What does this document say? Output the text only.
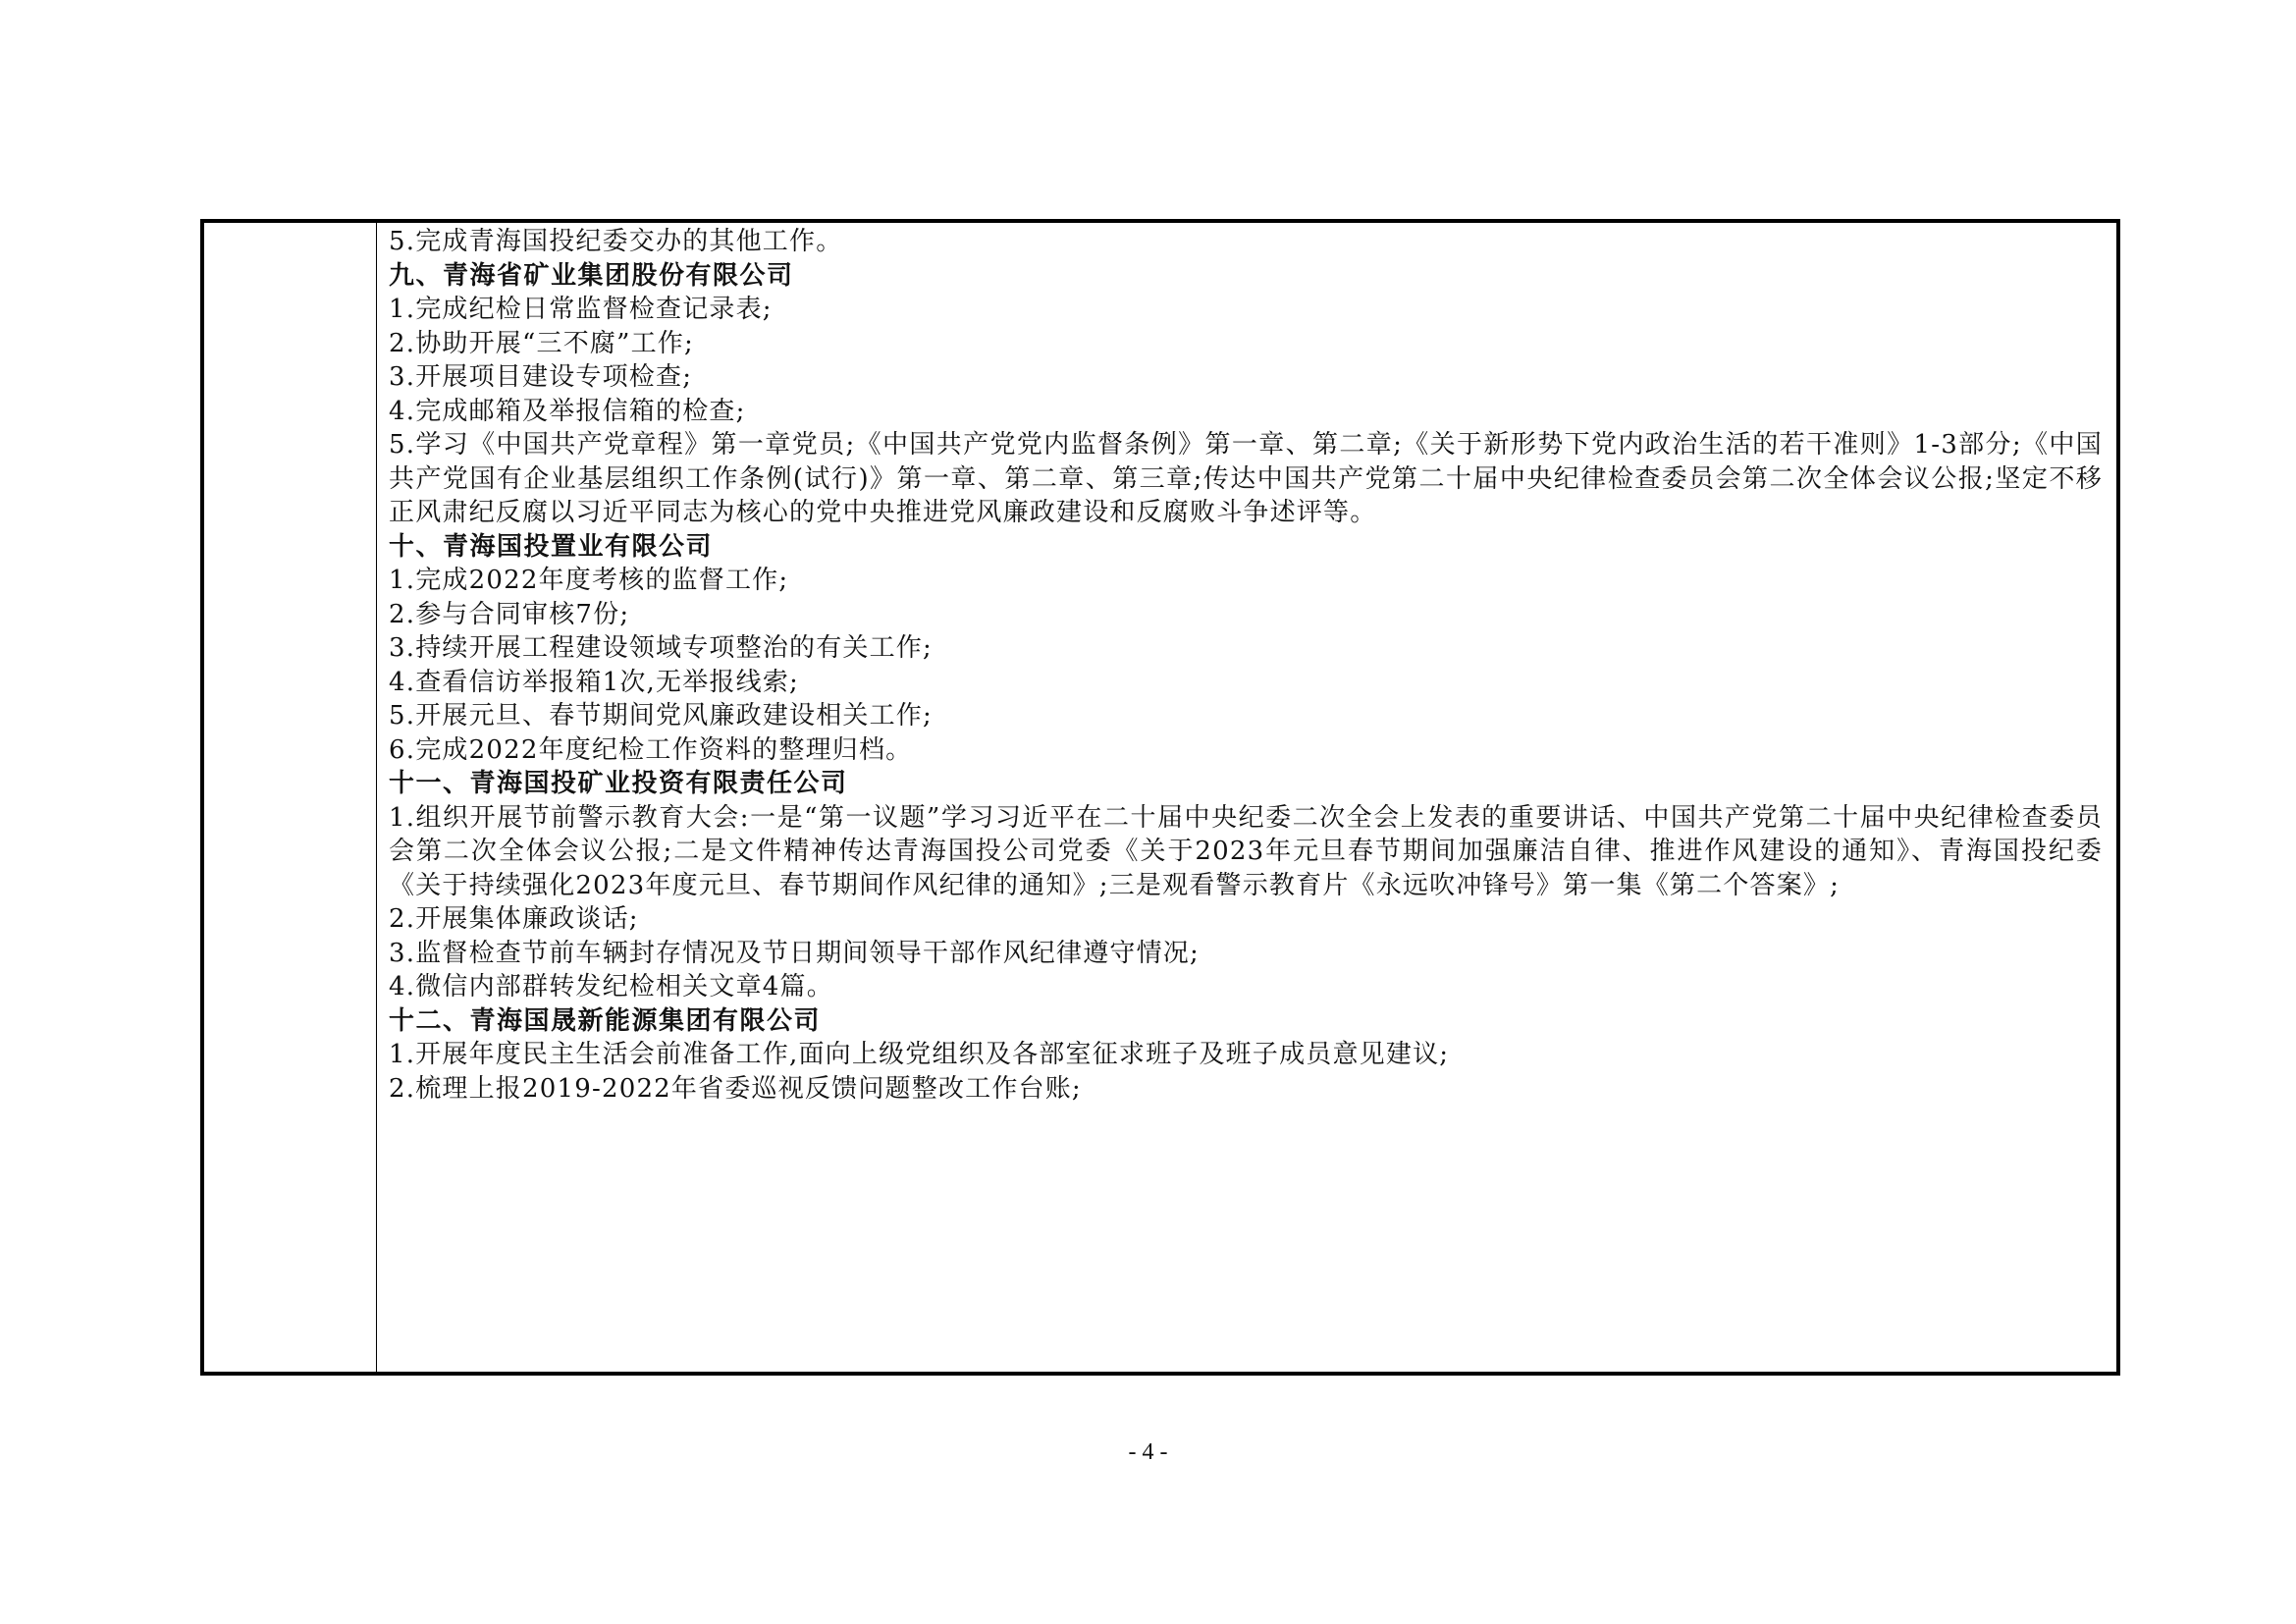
5.完成青海国投纪委交办的其他工作。

九、青海省矿业集团股份有限公司

1.完成纪检日常监督检查记录表;

2.协助开展“三不腐”工作;

3.开展项目建设专项检查;

4.完成邮箱及举报信箱的检查;

5.学习《中国共产党章程》第一章党员;《中国共产党党内监督条例》第一章、第二章;《关于新形势下党内政治生活的若干准则》1-3部分;《中国共产党国有企业基层组织工作条例(试行)》第一章、第二章、第三章;传达中国共产党第二十届中央纪律检查委员会第二次全体会议公报;坚定不移正风肃纪反腐以习近平同志为核心的党中央推进党风廉政建设和反腐败斗争述评等。

十、青海国投置业有限公司

1.完成2022年度考核的监督工作;

2.参与合同审核7份;

3.持续开展工程建设领域专项整治的有关工作;

4.查看信访举报箱1次,无举报线索;

5.开展元旦、春节期间党风廉政建设相关工作;

6.完成2022年度纪检工作资料的整理归档。

十一、青海国投矿业投资有限责任公司

1.组织开展节前警示教育大会:一是“第一议题”学习习近平在二十届中央纪委二次全会上发表的重要讲话、中国共产党第二十届中央纪律检查委员会第二次全体会议公报;二是文件精神传达青海国投公司党委《关于2023年元旦春节期间加强廉洁自律、推进作风建设的通知》、青海国投纪委《关于持续强化2023年度元旦、春节期间作风纪律的通知》;三是观看警示教育片《永远吹冲锋号》第一集《第二个答案》;

2.开展集体廉政谈话;

3.监督检查节前车辆封存情况及节日期间领导干部作风纪律遵守情况;

4.微信内部群转发纪检相关文章4篇。

十二、青海国晟新能源集团有限公司

1.开展年度民主生活会前准备工作,面向上级党组织及各部室征求班子及班子成员意见建议;

2.梳理上报2019-2022年省委巡视反馈问题整改工作台账;

- 4 -
